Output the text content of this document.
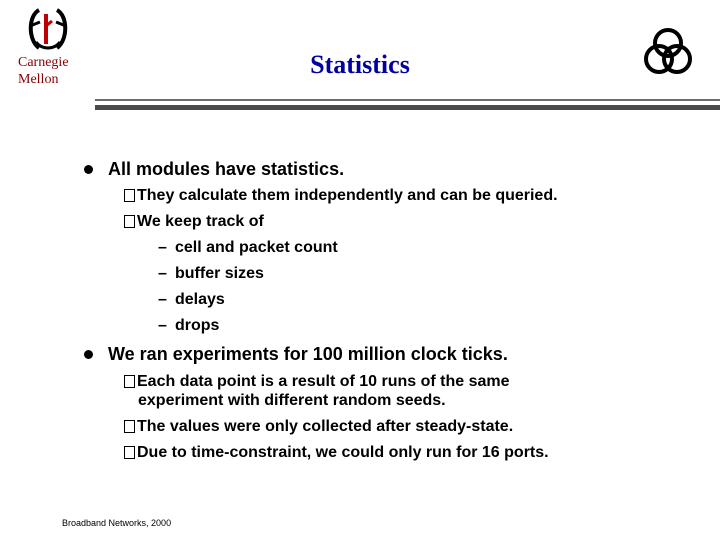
Carnegie
Mellon
Statistics
All modules have statistics.
They calculate them independently and can be queried.
We keep track of
– cell and packet count
– buffer sizes
– delays
– drops
We ran experiments for 100 million clock ticks.
Each data point is a result of 10 runs of the same
experiment with different random seeds.
The values were only collected after steady-state.
Due to time-constraint, we could only run for 16 ports.
Broadband Networks, 2000
